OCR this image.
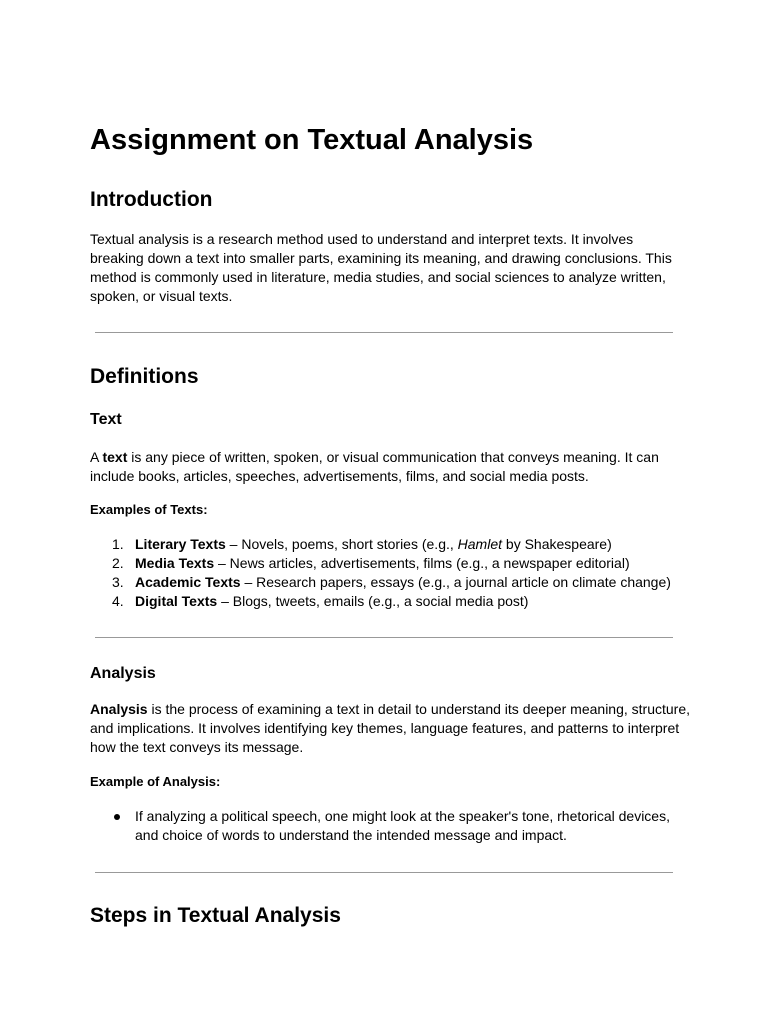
Assignment on Textual Analysis
Introduction

Textual analysis is a research method used to understand and interpret texts. It involves breaking down a text into smaller parts, examining its meaning, and drawing conclusions. This method is commonly used in literature, media studies, and social sciences to analyze written, spoken, or visual texts.

Definitions
Text

A text is any piece of written, spoken, or visual communication that conveys meaning. It can include books, articles, speeches, advertisements, films, and social media posts.

Examples of Texts:

1. Literary Texts – Novels, poems, short stories (e.g., Hamlet by Shakespeare)
2. Media Texts – News articles, advertisements, films (e.g., a newspaper editorial)
3. Academic Texts – Research papers, essays (e.g., a journal article on climate change)
4. Digital Texts – Blogs, tweets, emails (e.g., a social media post)
Analysis

Analysis is the process of examining a text in detail to understand its deeper meaning, structure, and implications. It involves identifying key themes, language features, and patterns to interpret how the text conveys its message.

Example of Analysis:

If analyzing a political speech, one might look at the speaker's tone, rhetorical devices, and choice of words to understand the intended message and impact.
Steps in Textual Analysis
